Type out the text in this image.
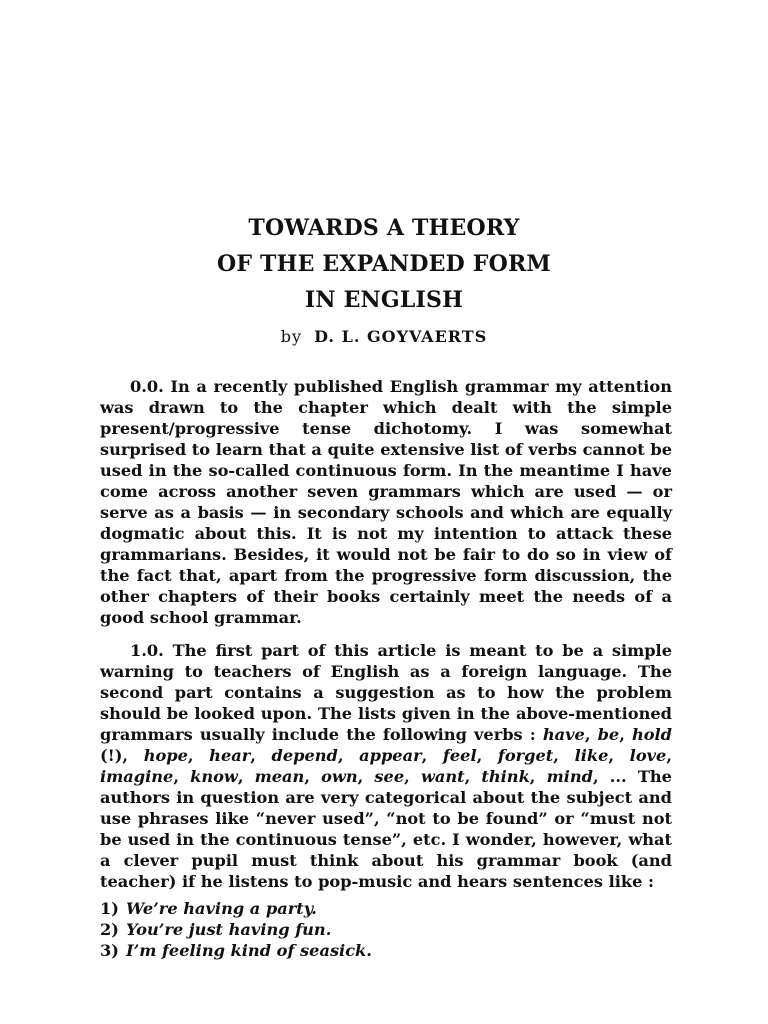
TOWARDS A THEORY
OF THE EXPANDED FORM
IN ENGLISH
by D. L. GOYVAERTS

0.0. In a recently published English grammar my attention was drawn to the chapter which dealt with the simple present/progressive tense dichotomy. I was somewhat surprised to learn that a quite extensive list of verbs cannot be used in the so-called continuous form. In the meantime I have come across another seven grammars which are used — or serve as a basis — in secondary schools and which are equally dogmatic about this. It is not my intention to attack these grammarians. Besides, it would not be fair to do so in view of the fact that, apart from the progressive form discussion, the other chapters of their books certainly meet the needs of a good school grammar.

1.0. The first part of this article is meant to be a simple warning to teachers of English as a foreign language. The second part contains a suggestion as to how the problem should be looked upon. The lists given in the above-mentioned grammars usually include the following verbs : have, be, hold (!), hope, hear, depend, appear, feel, forget, like, love, imagine, know, mean, own, see, want, think, mind, ... The authors in question are very categorical about the subject and use phrases like “never used”, “not to be found” or “must not be used in the continuous tense”, etc. I wonder, however, what a clever pupil must think about his grammar book (and teacher) if he listens to pop-music and hears sentences like :

1) We’re having a party.
2) You’re just having fun.
3) I’m feeling kind of seasick.
